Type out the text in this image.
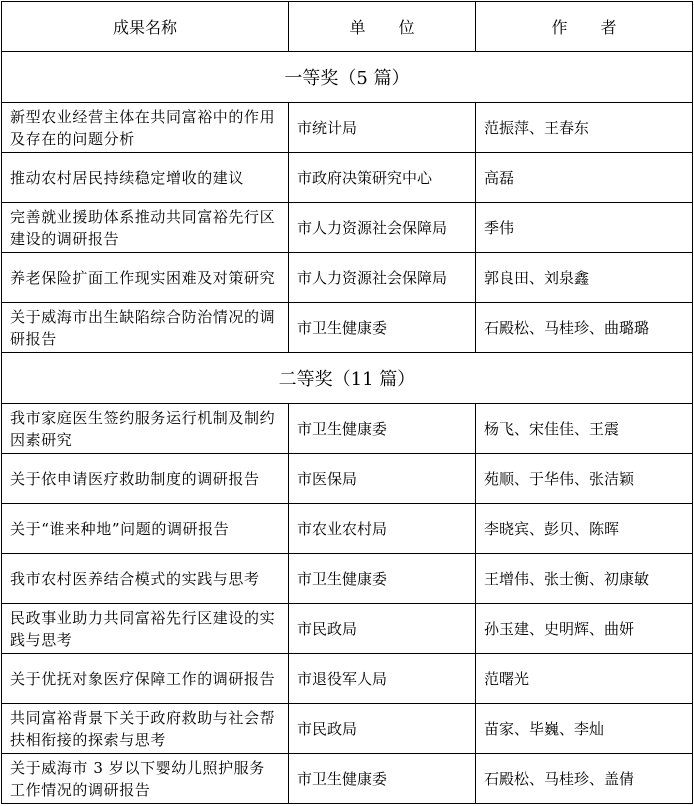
成果名称	单 位	作 者
一等奖（5 篇）		
新型农业经营主体在共同富裕中的作用及存在的问题分析	市统计局	范振萍、王春东
推动农村居民持续稳定增收的建议	市政府决策研究中心	高磊
完善就业援助体系推动共同富裕先行区建设的调研报告	市人力资源社会保障局	季伟
养老保险扩面工作现实困难及对策研究	市人力资源社会保障局	郭良田、刘泉鑫
关于威海市出生缺陷综合防治情况的调研报告	市卫生健康委	石殿松、马桂珍、曲璐璐
二等奖（11 篇）		
我市家庭医生签约服务运行机制及制约因素研究	市卫生健康委	杨飞、宋佳佳、王震
关于依申请医疗救助制度的调研报告	市医保局	苑顺、于华伟、张洁颖
关于“谁来种地”问题的调研报告	市农业农村局	李晓宾、彭贝、陈晖
我市农村医养结合模式的实践与思考	市卫生健康委	王增伟、张士衡、初康敏
民政事业助力共同富裕先行区建设的实践与思考	市民政局	孙玉建、史明辉、曲妍
关于优抚对象医疗保障工作的调研报告	市退役军人局	范曙光
共同富裕背景下关于政府救助与社会帮扶相衔接的探索与思考	市民政局	苗家、毕巍、李灿
关于威海市 3 岁以下婴幼儿照护服务工作情况的调研报告	市卫生健康委	石殿松、马桂珍、盖倩
